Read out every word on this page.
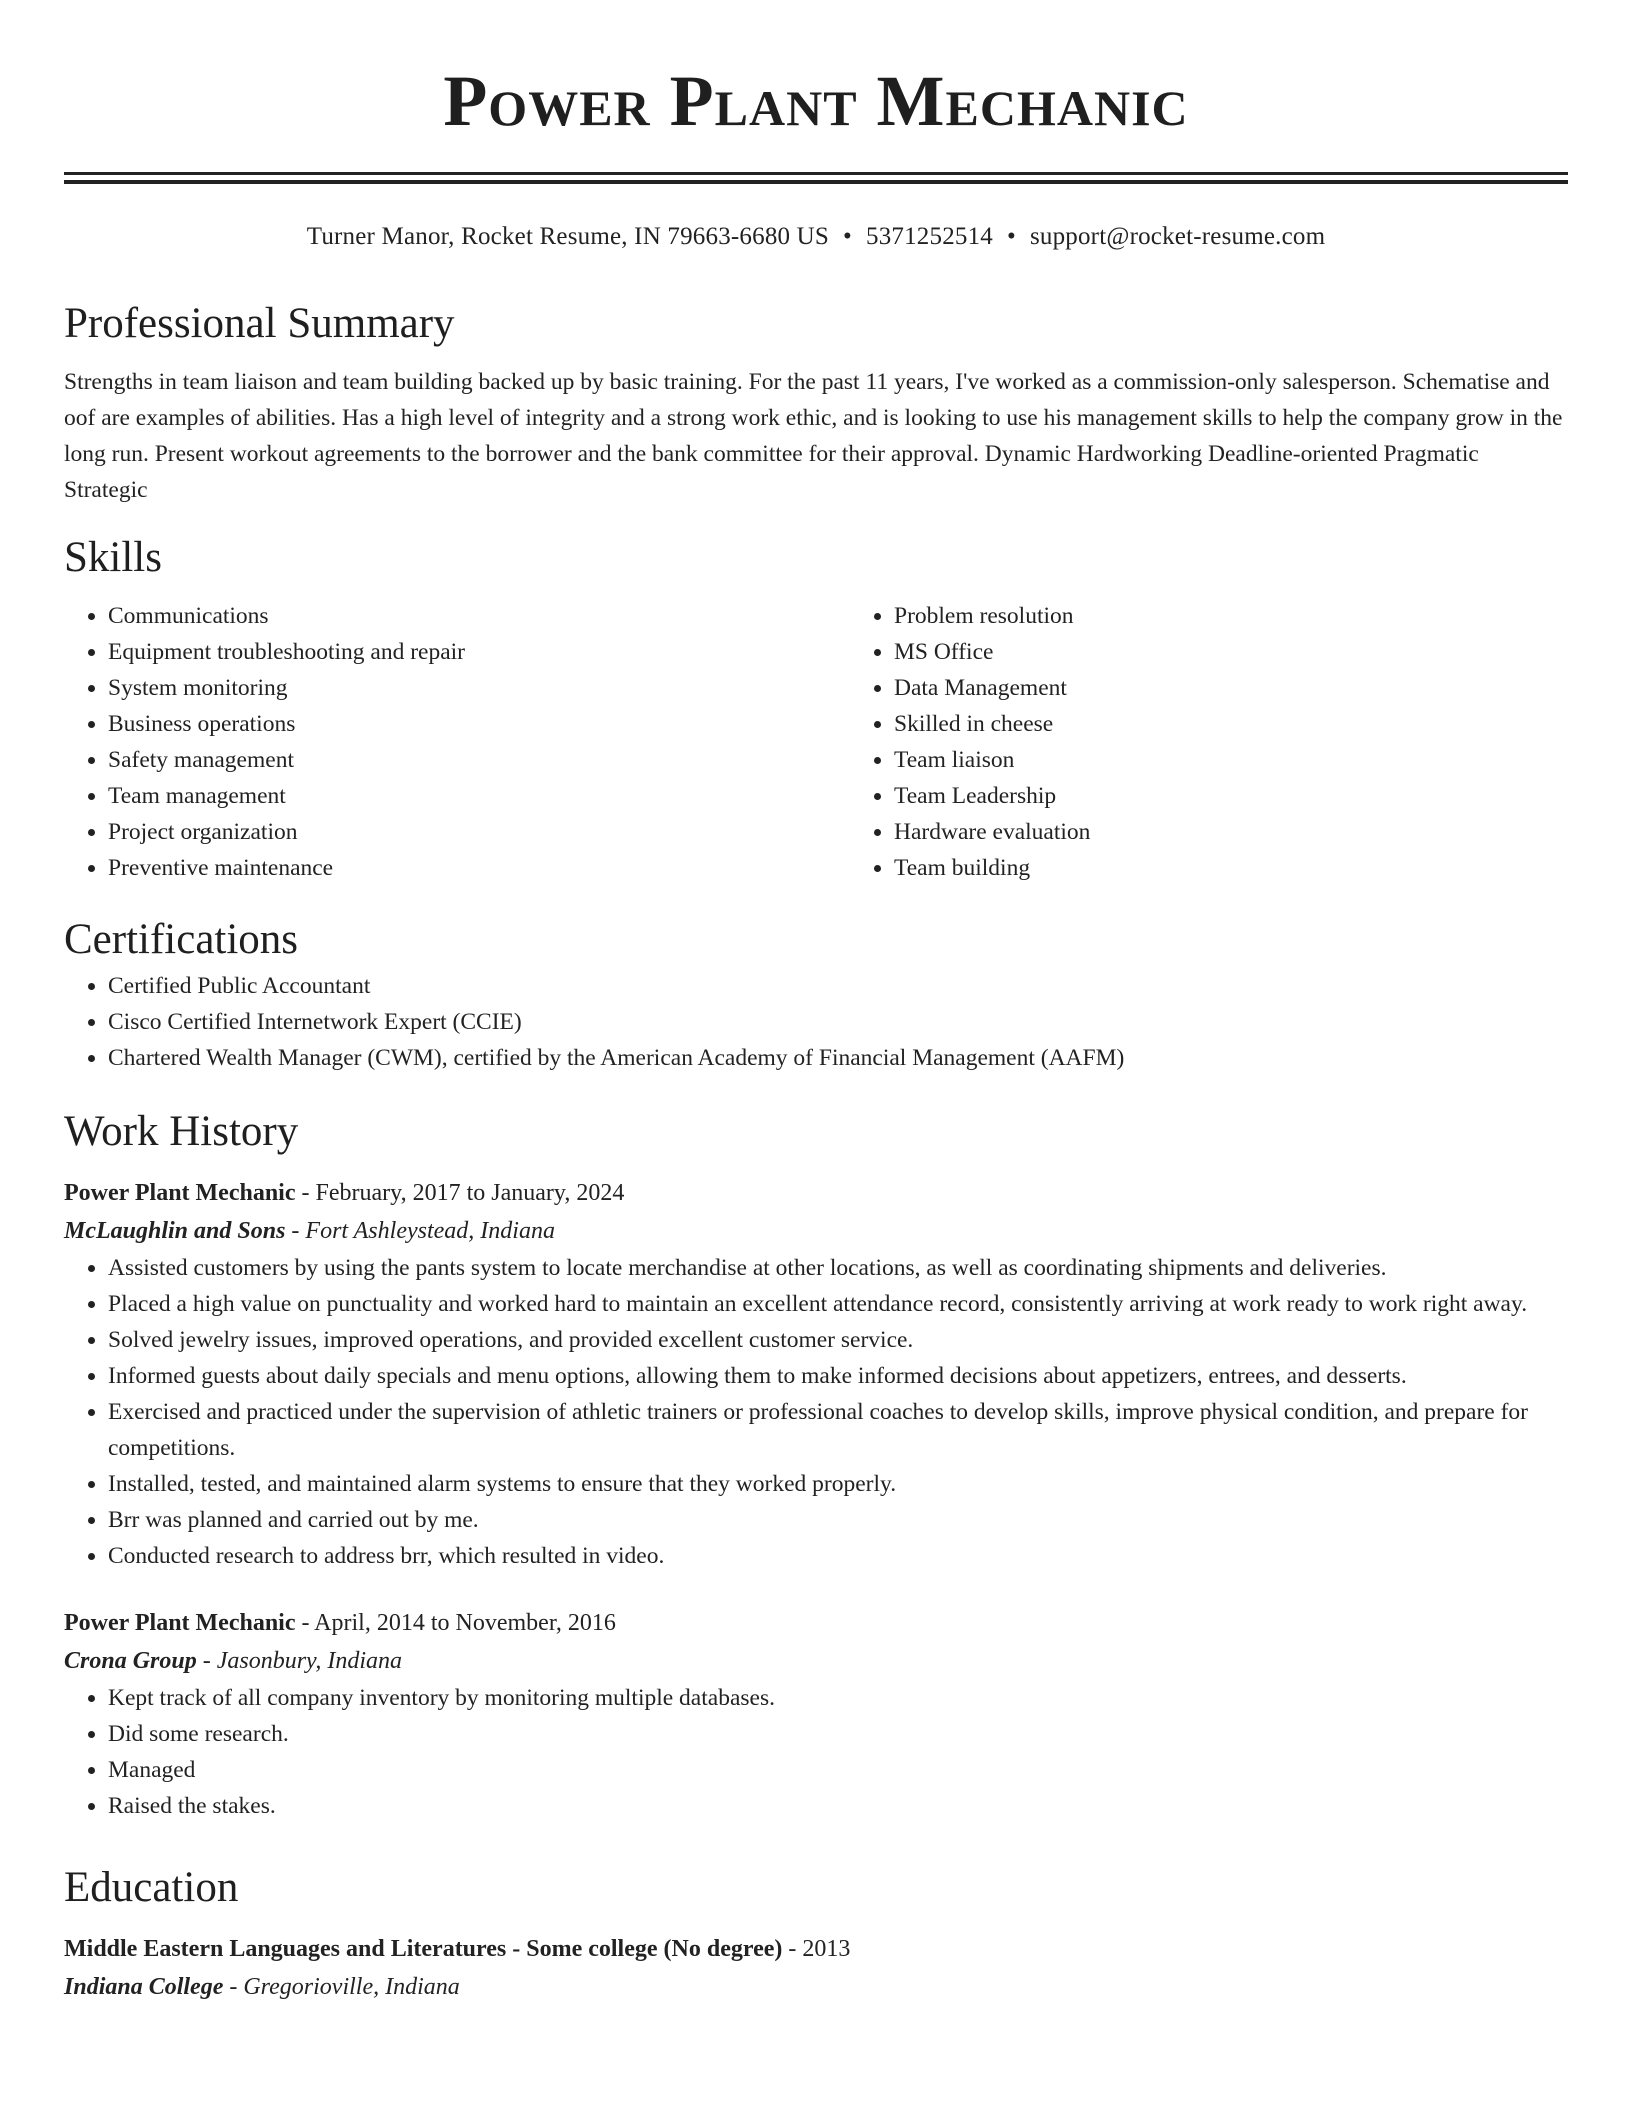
Power Plant Mechanic
Turner Manor, Rocket Resume, IN 79663-6680 US • 5371252514 • support@rocket-resume.com
Professional Summary

Strengths in team liaison and team building backed up by basic training. For the past 11 years, I've worked as a commission-only salesperson. Schematise and oof are examples of abilities. Has a high level of integrity and a strong work ethic, and is looking to use his management skills to help the company grow in the long run. Present workout agreements to the borrower and the bank committee for their approval. Dynamic Hardworking Deadline-oriented Pragmatic Strategic

Skills
• Communications
• Equipment troubleshooting and repair
• System monitoring
• Business operations
• Safety management
• Team management
• Project organization
• Preventive maintenance
• Problem resolution
• MS Office
• Data Management
• Skilled in cheese
• Team liaison
• Team Leadership
• Hardware evaluation
• Team building
Certifications
• Certified Public Accountant
• Cisco Certified Internetwork Expert (CCIE)
• Chartered Wealth Manager (CWM), certified by the American Academy of Financial Management (AAFM)
Work History
Power Plant Mechanic - February, 2017 to January, 2024
McLaughlin and Sons - Fort Ashleystead, Indiana
• Assisted customers by using the pants system to locate merchandise at other locations, as well as coordinating shipments and deliveries.
• Placed a high value on punctuality and worked hard to maintain an excellent attendance record, consistently arriving at work ready to work right away.
• Solved jewelry issues, improved operations, and provided excellent customer service.
• Informed guests about daily specials and menu options, allowing them to make informed decisions about appetizers, entrees, and desserts.
• Exercised and practiced under the supervision of athletic trainers or professional coaches to develop skills, improve physical condition, and prepare for competitions.
• Installed, tested, and maintained alarm systems to ensure that they worked properly.
• Brr was planned and carried out by me.
• Conducted research to address brr, which resulted in video.
Power Plant Mechanic - April, 2014 to November, 2016
Crona Group - Jasonbury, Indiana
• Kept track of all company inventory by monitoring multiple databases.
• Did some research.
• Managed
• Raised the stakes.
Education
Middle Eastern Languages and Literatures - Some college (No degree) - 2013
Indiana College - Gregorioville, Indiana
